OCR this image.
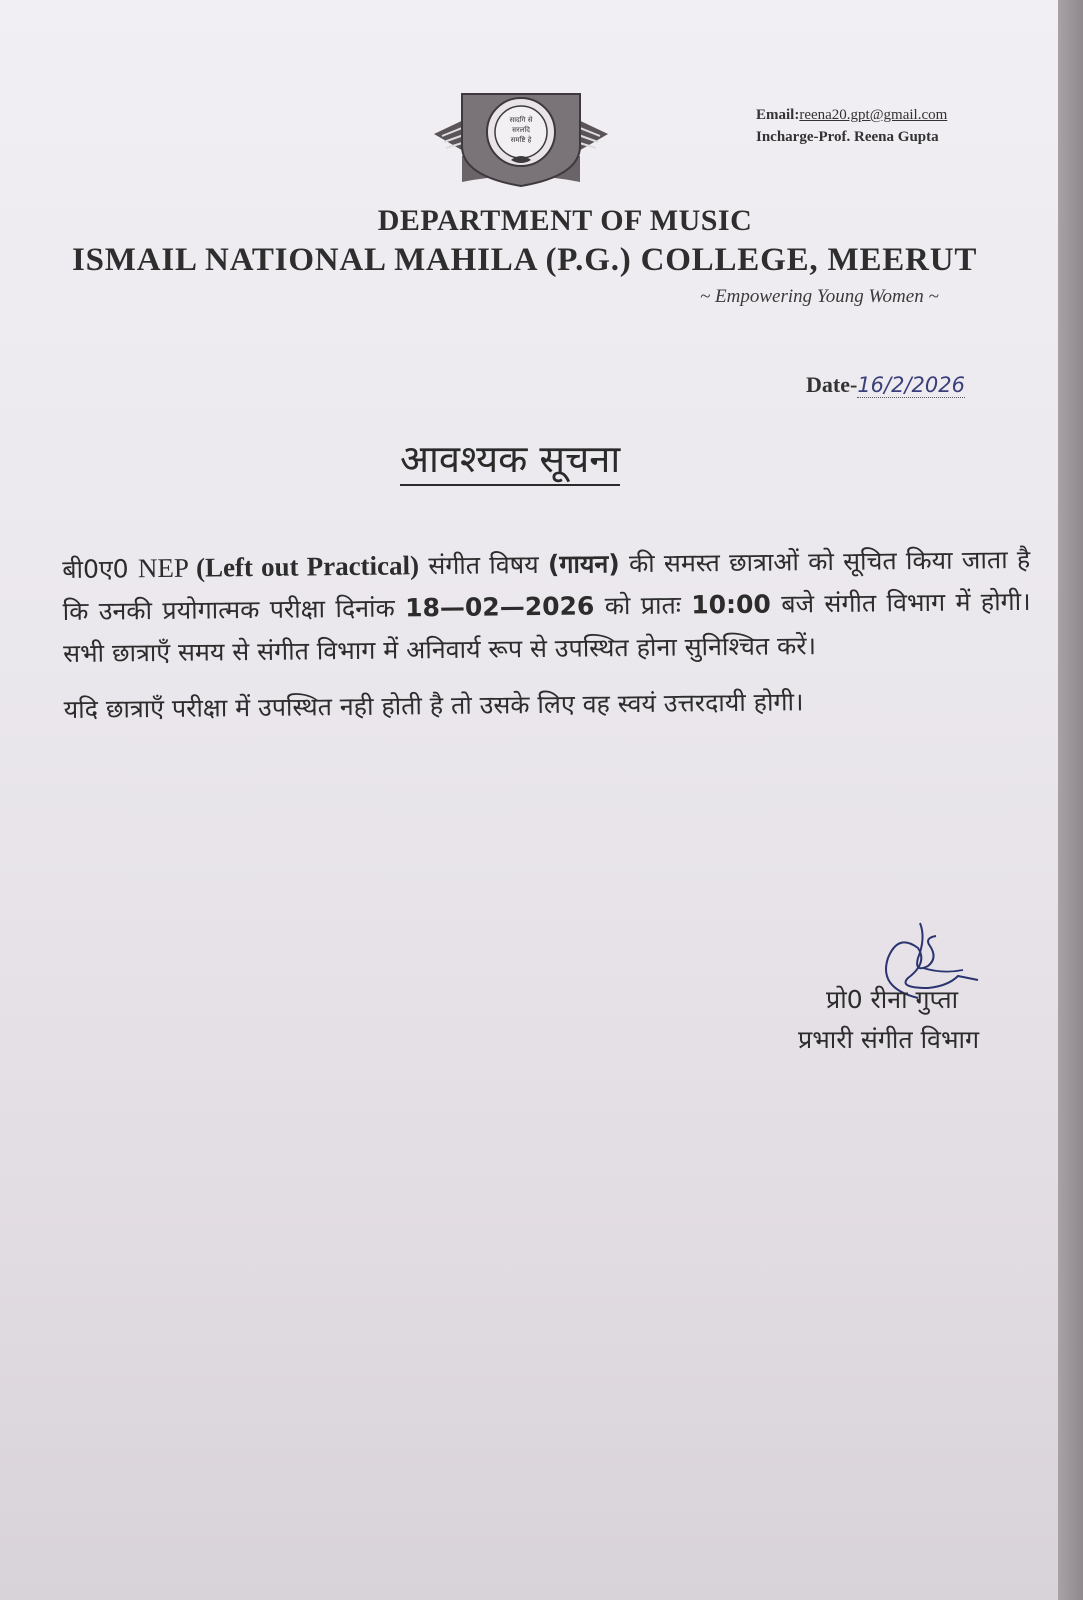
सादगि से
सरलदि
समष्टि हे
Email:reena20.gpt@gmail.com
Incharge-Prof. Reena Gupta
DEPARTMENT OF MUSIC
ISMAIL NATIONAL MAHILA (P.G.) COLLEGE, MEERUT
~ Empowering Young Women ~
Date-16/2/2026
आवश्यक सूचना

बी0ए0 NEP (Left out Practical) संगीत विषय (गायन) की समस्त छात्राओं को सूचित किया जाता है कि उनकी प्रयोगात्मक परीक्षा दिनांक 18—02—2026 को प्रातः 10:00 बजे संगीत विभाग में होगी। सभी छात्राएँ समय से संगीत विभाग में अनिवार्य रूप से उपस्थित होना सुनिश्चित करें।

यदि छात्राएँ परीक्षा में उपस्थित नही होती है तो उसके लिए वह स्वयं उत्तरदायी होगी।

प्रो0 रीना गुप्ता
प्रभारी संगीत विभाग
